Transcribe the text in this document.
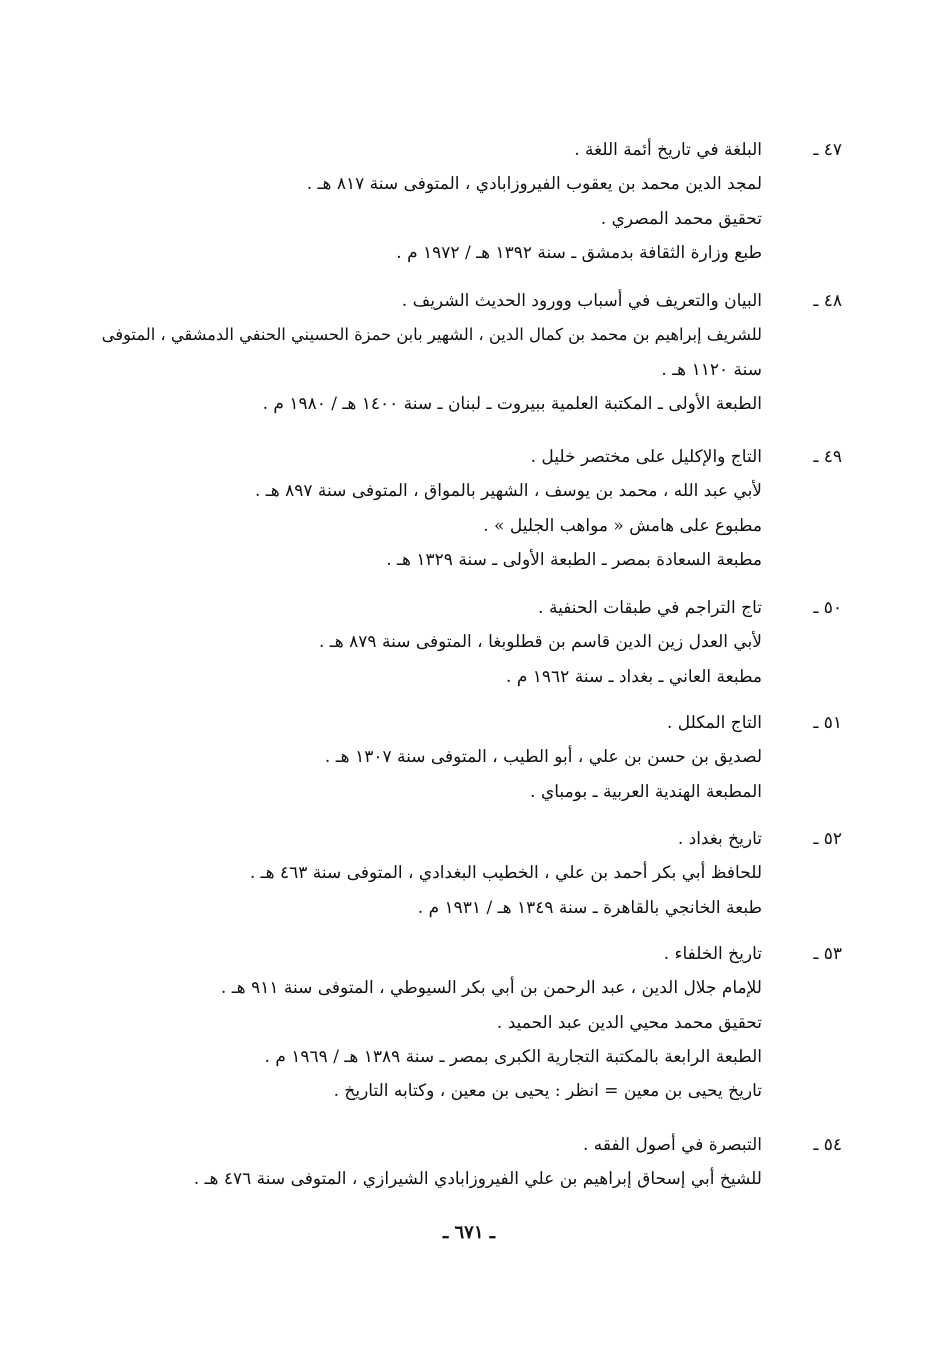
٤٧ ـ
البلغة في تاريخ أئمة اللغة .
لمجد الدين محمد بن يعقوب الفيروزابادي ، المتوفى سنة ٨١٧ هـ .
تحقيق محمد المصري .
طبع وزارة الثقافة بدمشق ـ سنة ١٣٩٢ هـ / ١٩٧٢ م .
٤٨ ـ
البيان والتعريف في أسباب وورود الحديث الشريف .
للشريف إبراهيم بن محمد بن كمال الدين ، الشهير بابن حمزة الحسيني الحنفي الدمشقي ، المتوفى
سنة ١١٢٠ هـ .
الطبعة الأولى ـ المكتبة العلمية ببيروت ـ لبنان ـ سنة ١٤٠٠ هـ / ١٩٨٠ م .
٤٩ ـ
التاج والإكليل على مختصر خليل .
لأبي عبد الله ، محمد بن يوسف ، الشهير بالمواق ، المتوفى سنة ٨٩٧ هـ .
مطبوع على هامش « مواهب الجليل » .
مطبعة السعادة بمصر ـ الطبعة الأولى ـ سنة ١٣٢٩ هـ .
٥٠ ـ
تاج التراجم في طبقات الحنفية .
لأبي العدل زين الدين قاسم بن قطلوبغا ، المتوفى سنة ٨٧٩ هـ .
مطبعة العاني ـ بغداد ـ سنة ١٩٦٢ م .
٥١ ـ
التاج المكلل .
لصديق بن حسن بن علي ، أبو الطيب ، المتوفى سنة ١٣٠٧ هـ .
المطبعة الهندية العربية ـ بومباي .
٥٢ ـ
تاريخ بغداد .
للحافظ أبي بكر أحمد بن علي ، الخطيب البغدادي ، المتوفى سنة ٤٦٣ هـ .
طبعة الخانجي بالقاهرة ـ سنة ١٣٤٩ هـ / ١٩٣١ م .
٥٣ ـ
تاريخ الخلفاء .
للإمام جلال الدين ، عبد الرحمن بن أبي بكر السيوطي ، المتوفى سنة ٩١١ هـ .
تحقيق محمد محيي الدين عبد الحميد .
الطبعة الرابعة بالمكتبة التجارية الكبرى بمصر ـ سنة ١٣٨٩ هـ / ١٩٦٩ م .
تاريخ يحيى بن معين = انظر : يحيى بن معين ، وكتابه التاريخ .
٥٤ ـ
التبصرة في أصول الفقه .
للشيخ أبي إسحاق إبراهيم بن علي الفيروزابادي الشيرازي ، المتوفى سنة ٤٧٦ هـ .
ـ ٦٧١ ـ
